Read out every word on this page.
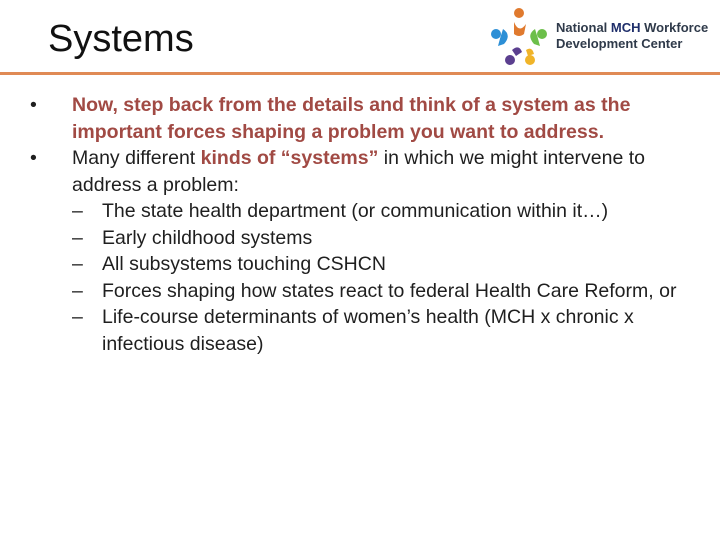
Systems	National MCH Workforce
Development Center

•	Now, step back from the details and think of a system as the important forces shaping a problem you want to address.

•	Many different kinds of “systems” in which we might intervene to address a problem:

– The state health department (or communication within it…)

– Early childhood systems

– All subsystems touching CSHCN

– Forces shaping how states react to federal Health Care Reform, or

– Life-course determinants of women’s health (MCH x chronic x infectious disease)
